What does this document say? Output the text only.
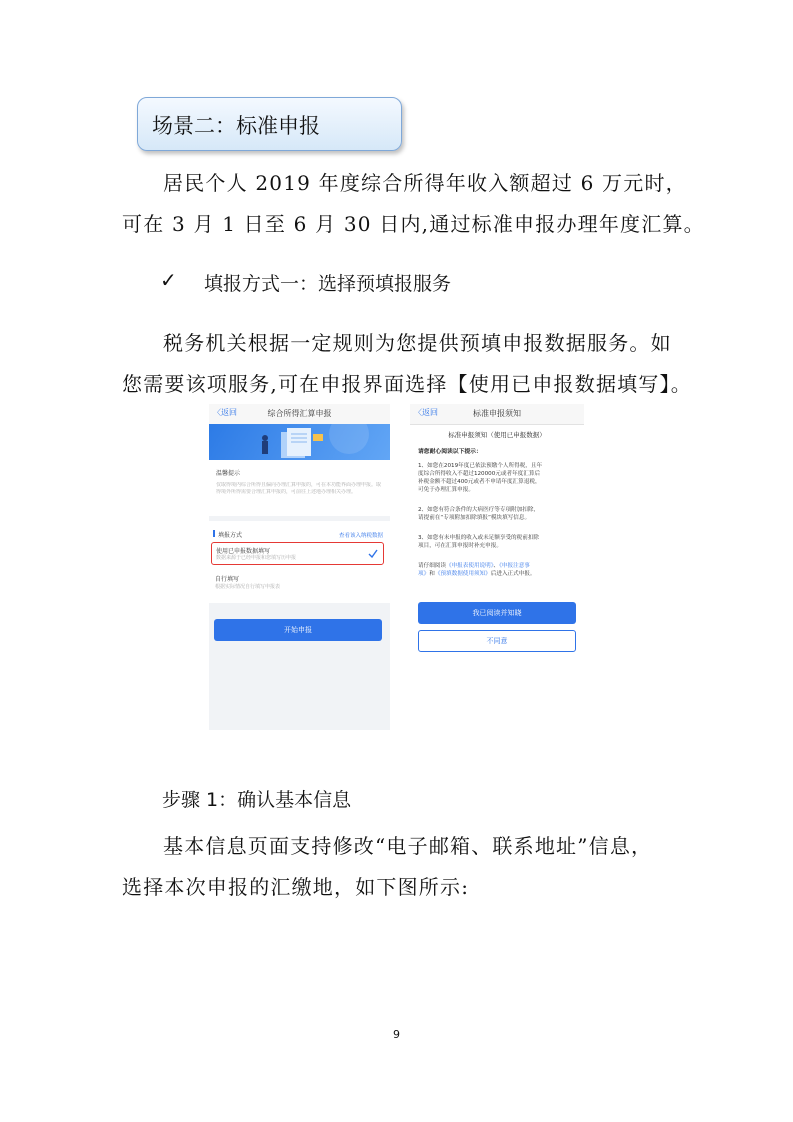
场景二：标准申报
居民个人 2019 年度综合所得年收入额超过 6 万元时，
可在 3 月 1 日至 6 月 30 日内,通过标准申报办理年度汇算。
✓ 填报方式一：选择预填报服务
税务机关根据一定规则为您提供预填申报数据服务。如
您需要该项服务,可在申报界面选择【使用已申报数据填写】。
〈返回	综合所得汇算申报
温馨提示
仅取得境内综合所得且偏向办理汇算申报的，可在本功能界面办理申报。取
得境外所得需要合理汇算申报的，可前往上述地办理相关办理。
填报方式	查看该入纳税数据
使用已申报数据填写
数据来源于已经申报和您填写历申报
自行填写
根据实际情况自行填写申报表
开始申报
〈返回	标准申报须知
标准申报须知（使用已申报数据）
请您耐心阅读以下提示：
1、如您在2019年度已依法预缴个人所得税，且年
度综合所得收入不超过120000元或者年度汇算后
补税金额不超过400元或者不申请年度汇算退税，
可免于办理汇算申报。
2、如您有符合条件的大病医疗等专项附加扣除，
请提前在“专项附加扣除填报”模块填写信息。
3、如您有未申报的收入或未足额享受的税前扣除
项目，可在汇算申报时补充申报。
请仔细阅读《申报表使用说明》、《申报注意事
项》和《预填数据使用须知》后进入正式申报。
我已阅读并知晓
不同意
步骤 1：确认基本信息
基本信息页面支持修改“电子邮箱、联系地址”信息，
选择本次申报的汇缴地，如下图所示:
9
